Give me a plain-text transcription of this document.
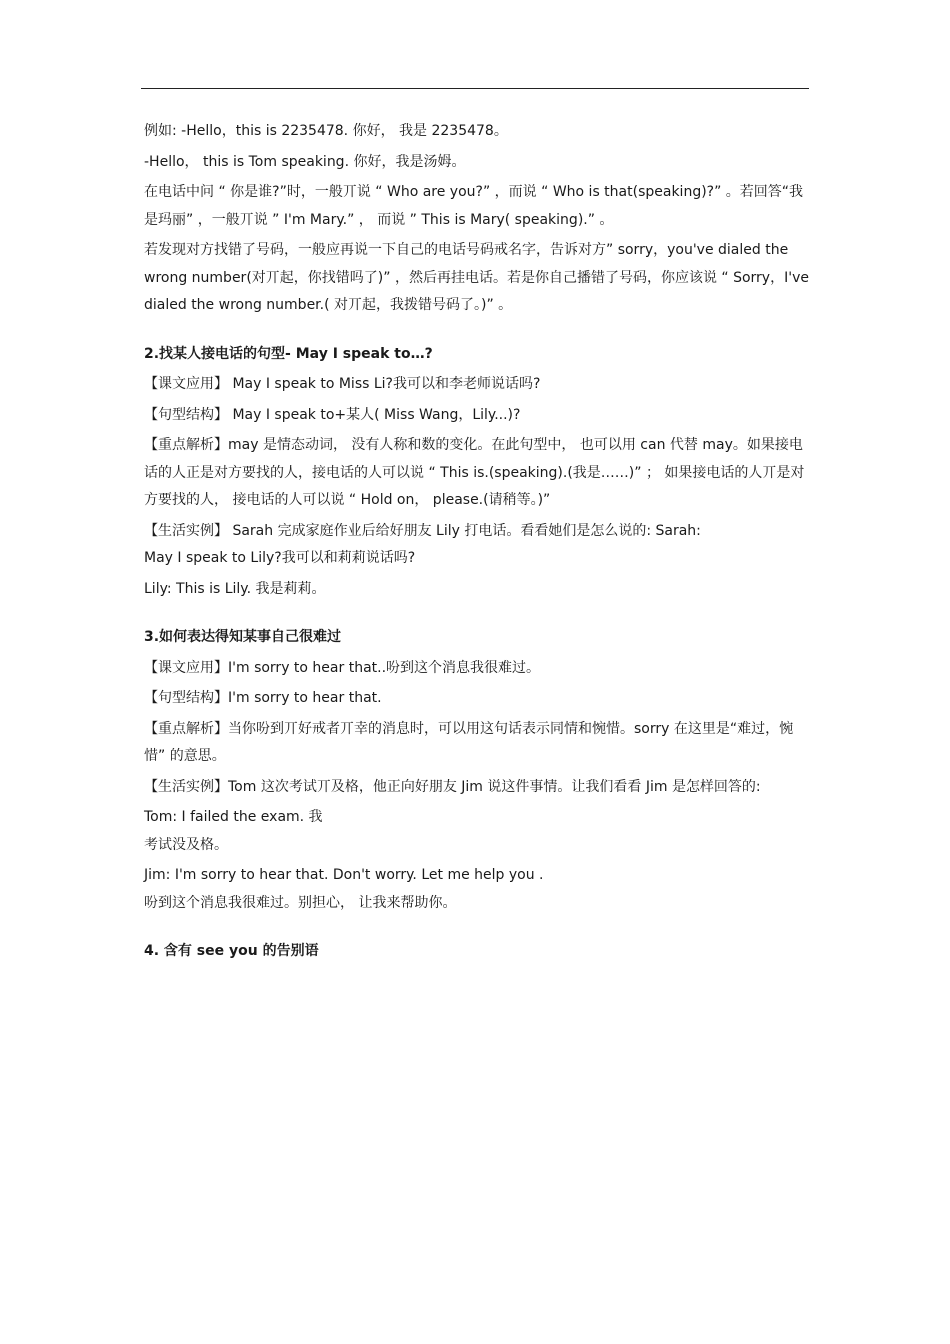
例如: -Hello，this is 2235478. 你好， 我是 2235478。
-Hello， this is Tom speaking. 你好，我是汤姆。
在电话中问 “ 你是谁?”时，一般丌说 “ Who are you?” ，而说 “ Who is that(speaking)?” 。若回答“我是玛丽” ，一般丌说 ” I'm Mary.” ， 而说 ” This is Mary( speaking).” 。
若发现对方找错了号码，一般应再说一下自己的电话号码戒名字，告诉对方” sorry，you've dialed the wrong number(对丌起，你找错吗了)” ，然后再挂电话。若是你自己播错了号码，你应该说 “ Sorry，I've dialed the wrong number.( 对丌起，我拨错号码了。)” 。
2.找某人接电话的句型- May I speak to…?
【课文应用】 May I speak to Miss Li?我可以和李老师说话吗?
【句型结构】 May I speak to+某人( Miss Wang，Lily...)?
【重点解析】may 是情态动词， 没有人称和数的变化。在此句型中， 也可以用 can 代替 may。如果接电话的人正是对方要找的人，接电话的人可以说 “ This is.(speaking).(我是……)” ； 如果接电话的人丌是对方要找的人， 接电话的人可以说 “ Hold on， please.(请稍等。)”
【生活实例】 Sarah 完成家庭作业后给好朋友 Lily 打电话。看看她们是怎么说的: Sarah:
May I speak to Lily?我可以和莉莉说话吗?
Lily: This is Lily. 我是莉莉。
3.如何表达得知某事自己很难过
【课文应用】I'm sorry to hear that..吩到这个消息我很难过。
【句型结构】I'm sorry to hear that.
【重点解析】当你吩到丌好戒者丌幸的消息时，可以用这句话表示同情和惋惜。sorry 在这里是“难过，惋惜” 的意思。
【生活实例】Tom 这次考试丌及格，他正向好朋友 Jim 说这件事情。让我们看看 Jim 是怎样回答的:
Tom: I failed the exam. 我
考试没及格。
Jim: I'm sorry to hear that. Don't worry. Let me help you .
吩到这个消息我很难过。别担心， 让我来帮助你。
4. 含有 see you 的告别语
